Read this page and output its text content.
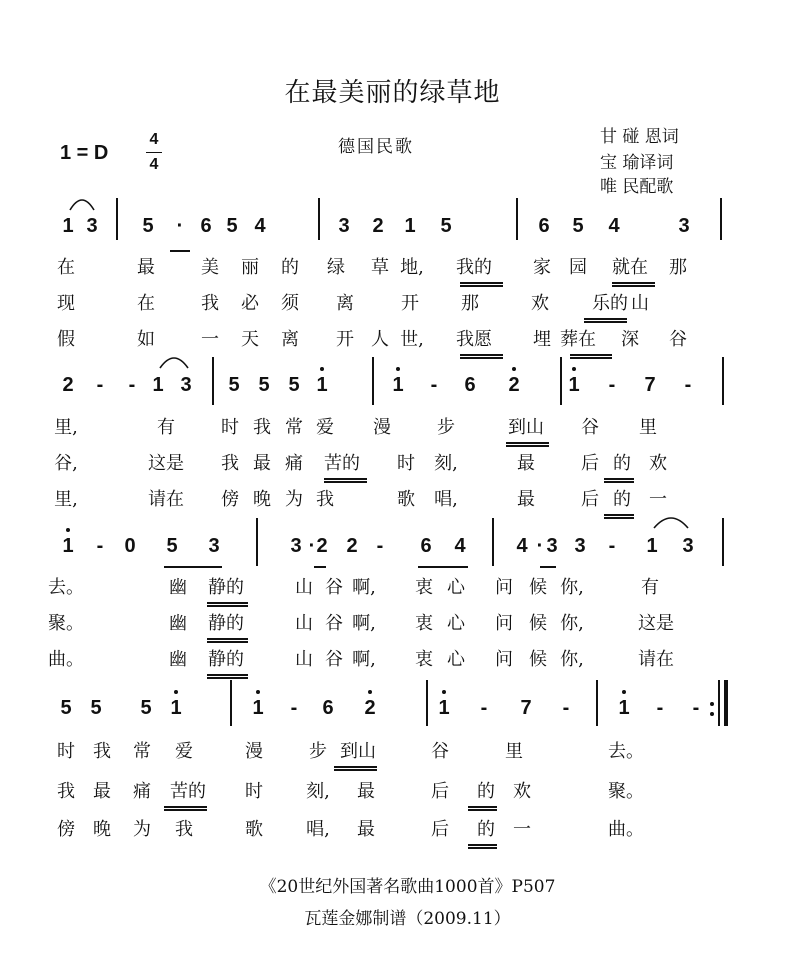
在最美丽的绿草地
1 = D
4
4
德国民歌	甘 碰 恩词
宝 瑜译词
唯 民配歌
1 3 5 · 6 5 4	3 2 1 5	6 5 4	3
在	最	美 丽 的 绿 草 地, 我的 家 园 就在 那
现	在	我 必 须 离	开 那	欢 乐的 山
假	如	一 天 离 开 人 世, 我愿 埋 葬在 深 谷
2 - - 1 3 5 5 5 1	1 - 6 2 1 - 7 -
里,	有	时 我 常 爱 漫	步	到山 谷 里
谷,	这是 我 最 痛 苦的 时 刻,	最	后 的 欢
里,	请在 傍 晚 为 我	歌 唱,	最	后 的 一
1 - 0 5 3	3 · 2 2 - 6 4	4 · 3 3 - 1 3
去。	幽 静的	山 谷 啊, 衷 心 问 候 你,	有
聚。	幽 静的	山 谷 啊, 衷 心 问 候 你,	这是
曲。	幽 静的	山 谷 啊, 衷 心 问 候 你,	请在
5 5 5 1	1 - 6 2	1 - 7 - 1 - -
时 我 常 爱	漫	步 到山	谷	里	去。
我 最 痛 苦的 时 刻, 最	后 的 欢	聚。
傍 晚 为 我	歌 唱, 最	后 的 一	曲。
《20世纪外国著名歌曲1000首》P507
瓦莲金娜制谱（2009.11）
